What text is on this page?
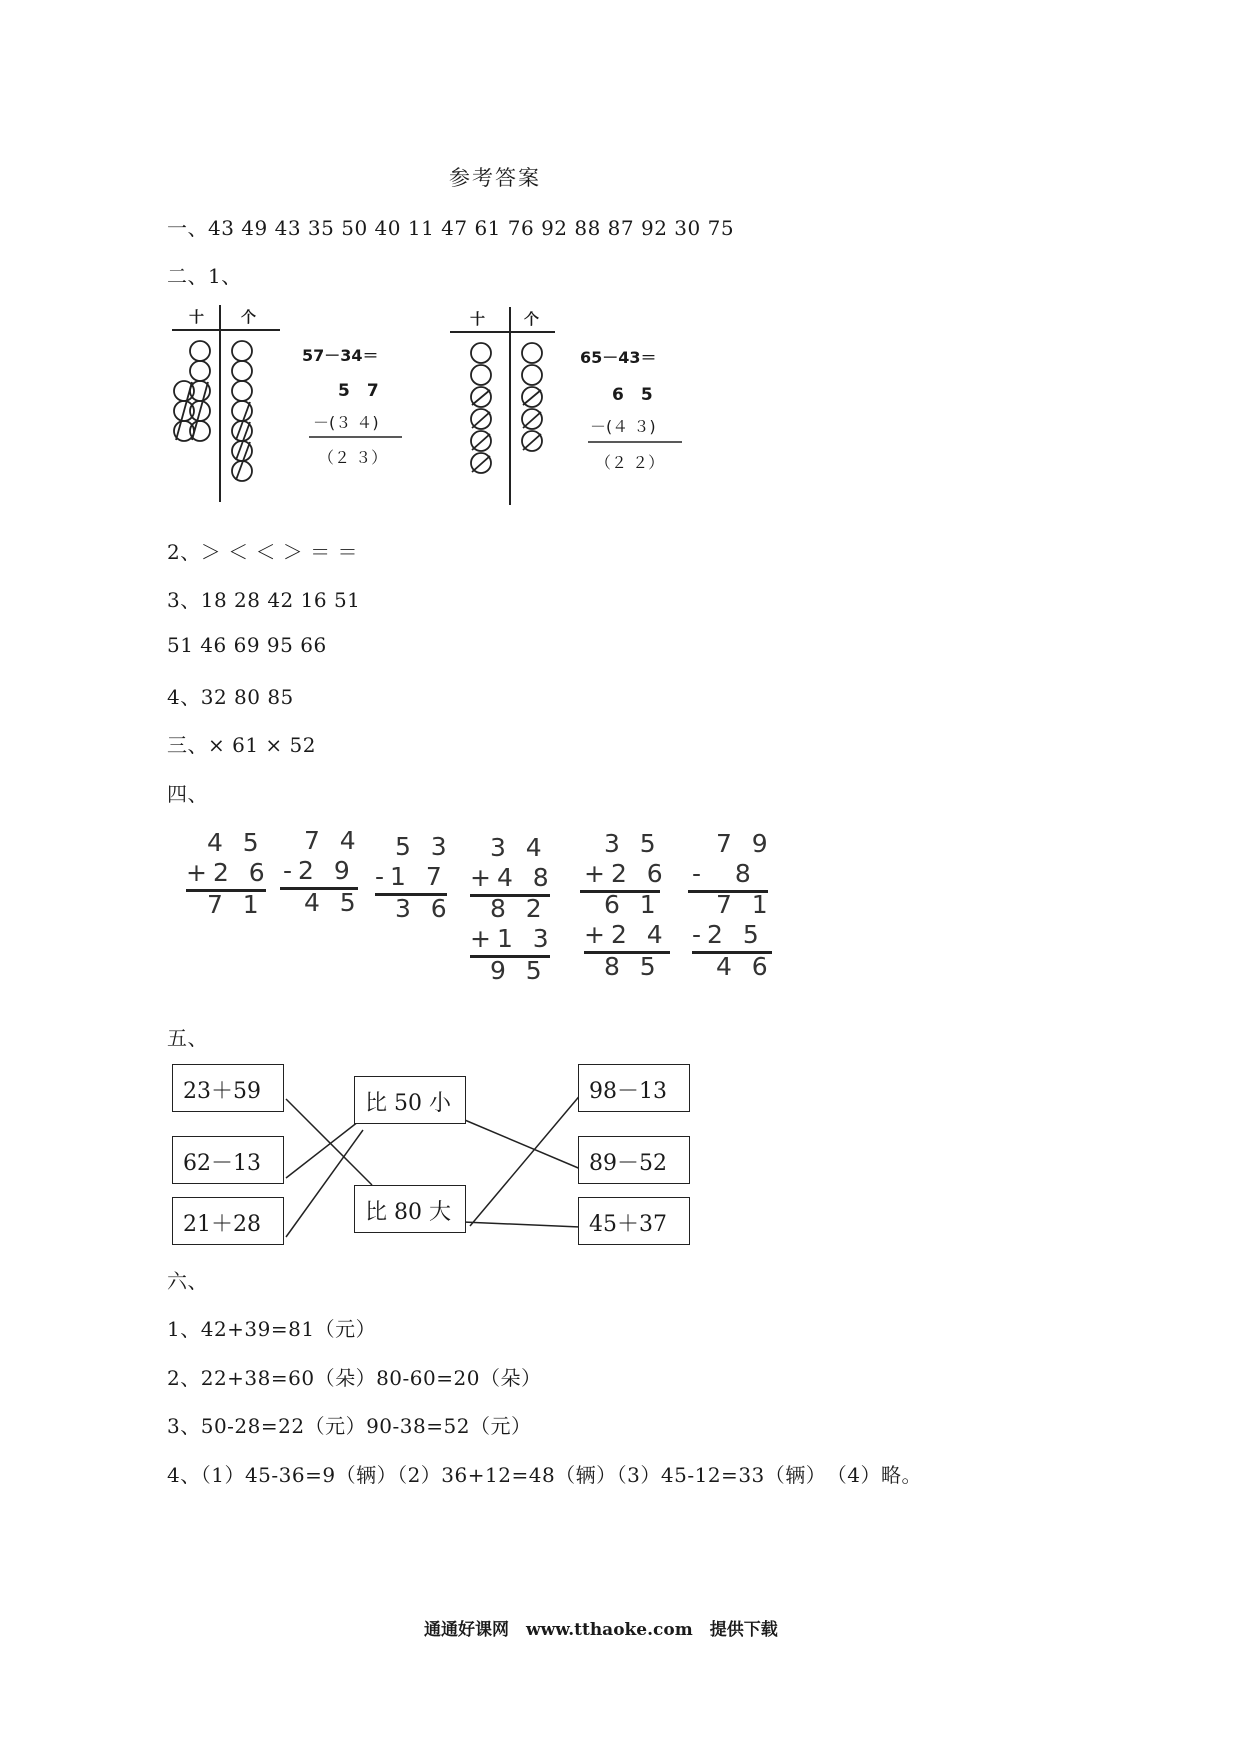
参考答案
一、43 49 43 35 50 40 11 47 61 76 92 88 87 92 30 75
二、1、
十 个
57－34＝
5　7
－(３ ４)
（２ ３）
十	个
65－43＝
6　5
－(４ ３)
（２ ２）
2、＞ ＜ ＜ ＞ ＝ ＝
3、18 28 42 16 51
51 46 69 95 66
4、32 80 85
三、× 61 × 52
四、
4 5
+2 6
7 1
7 4
-2 9
4 5
5 3
-1 7
3 6
3 4
+4 8
8 2
+1 3
9 5
3 5
+2 6
6 1
+2 4
8 5
7 9
-  8
7 1
-2 5
4 6
五、
23＋59
62－13
21＋28
比 50 小
比 80 大
98－13
89－52
45＋37
六、
1、42+39=81（元）
2、22+38=60（朵）80-60=20（朵）
3、50-28=22（元）90-38=52（元）
4、（1）45-36=9（辆）（2）36+12=48（辆）（3）45-12=33（辆）　（4）略。
通通好课网　www.tthaoke.com　提供下载
